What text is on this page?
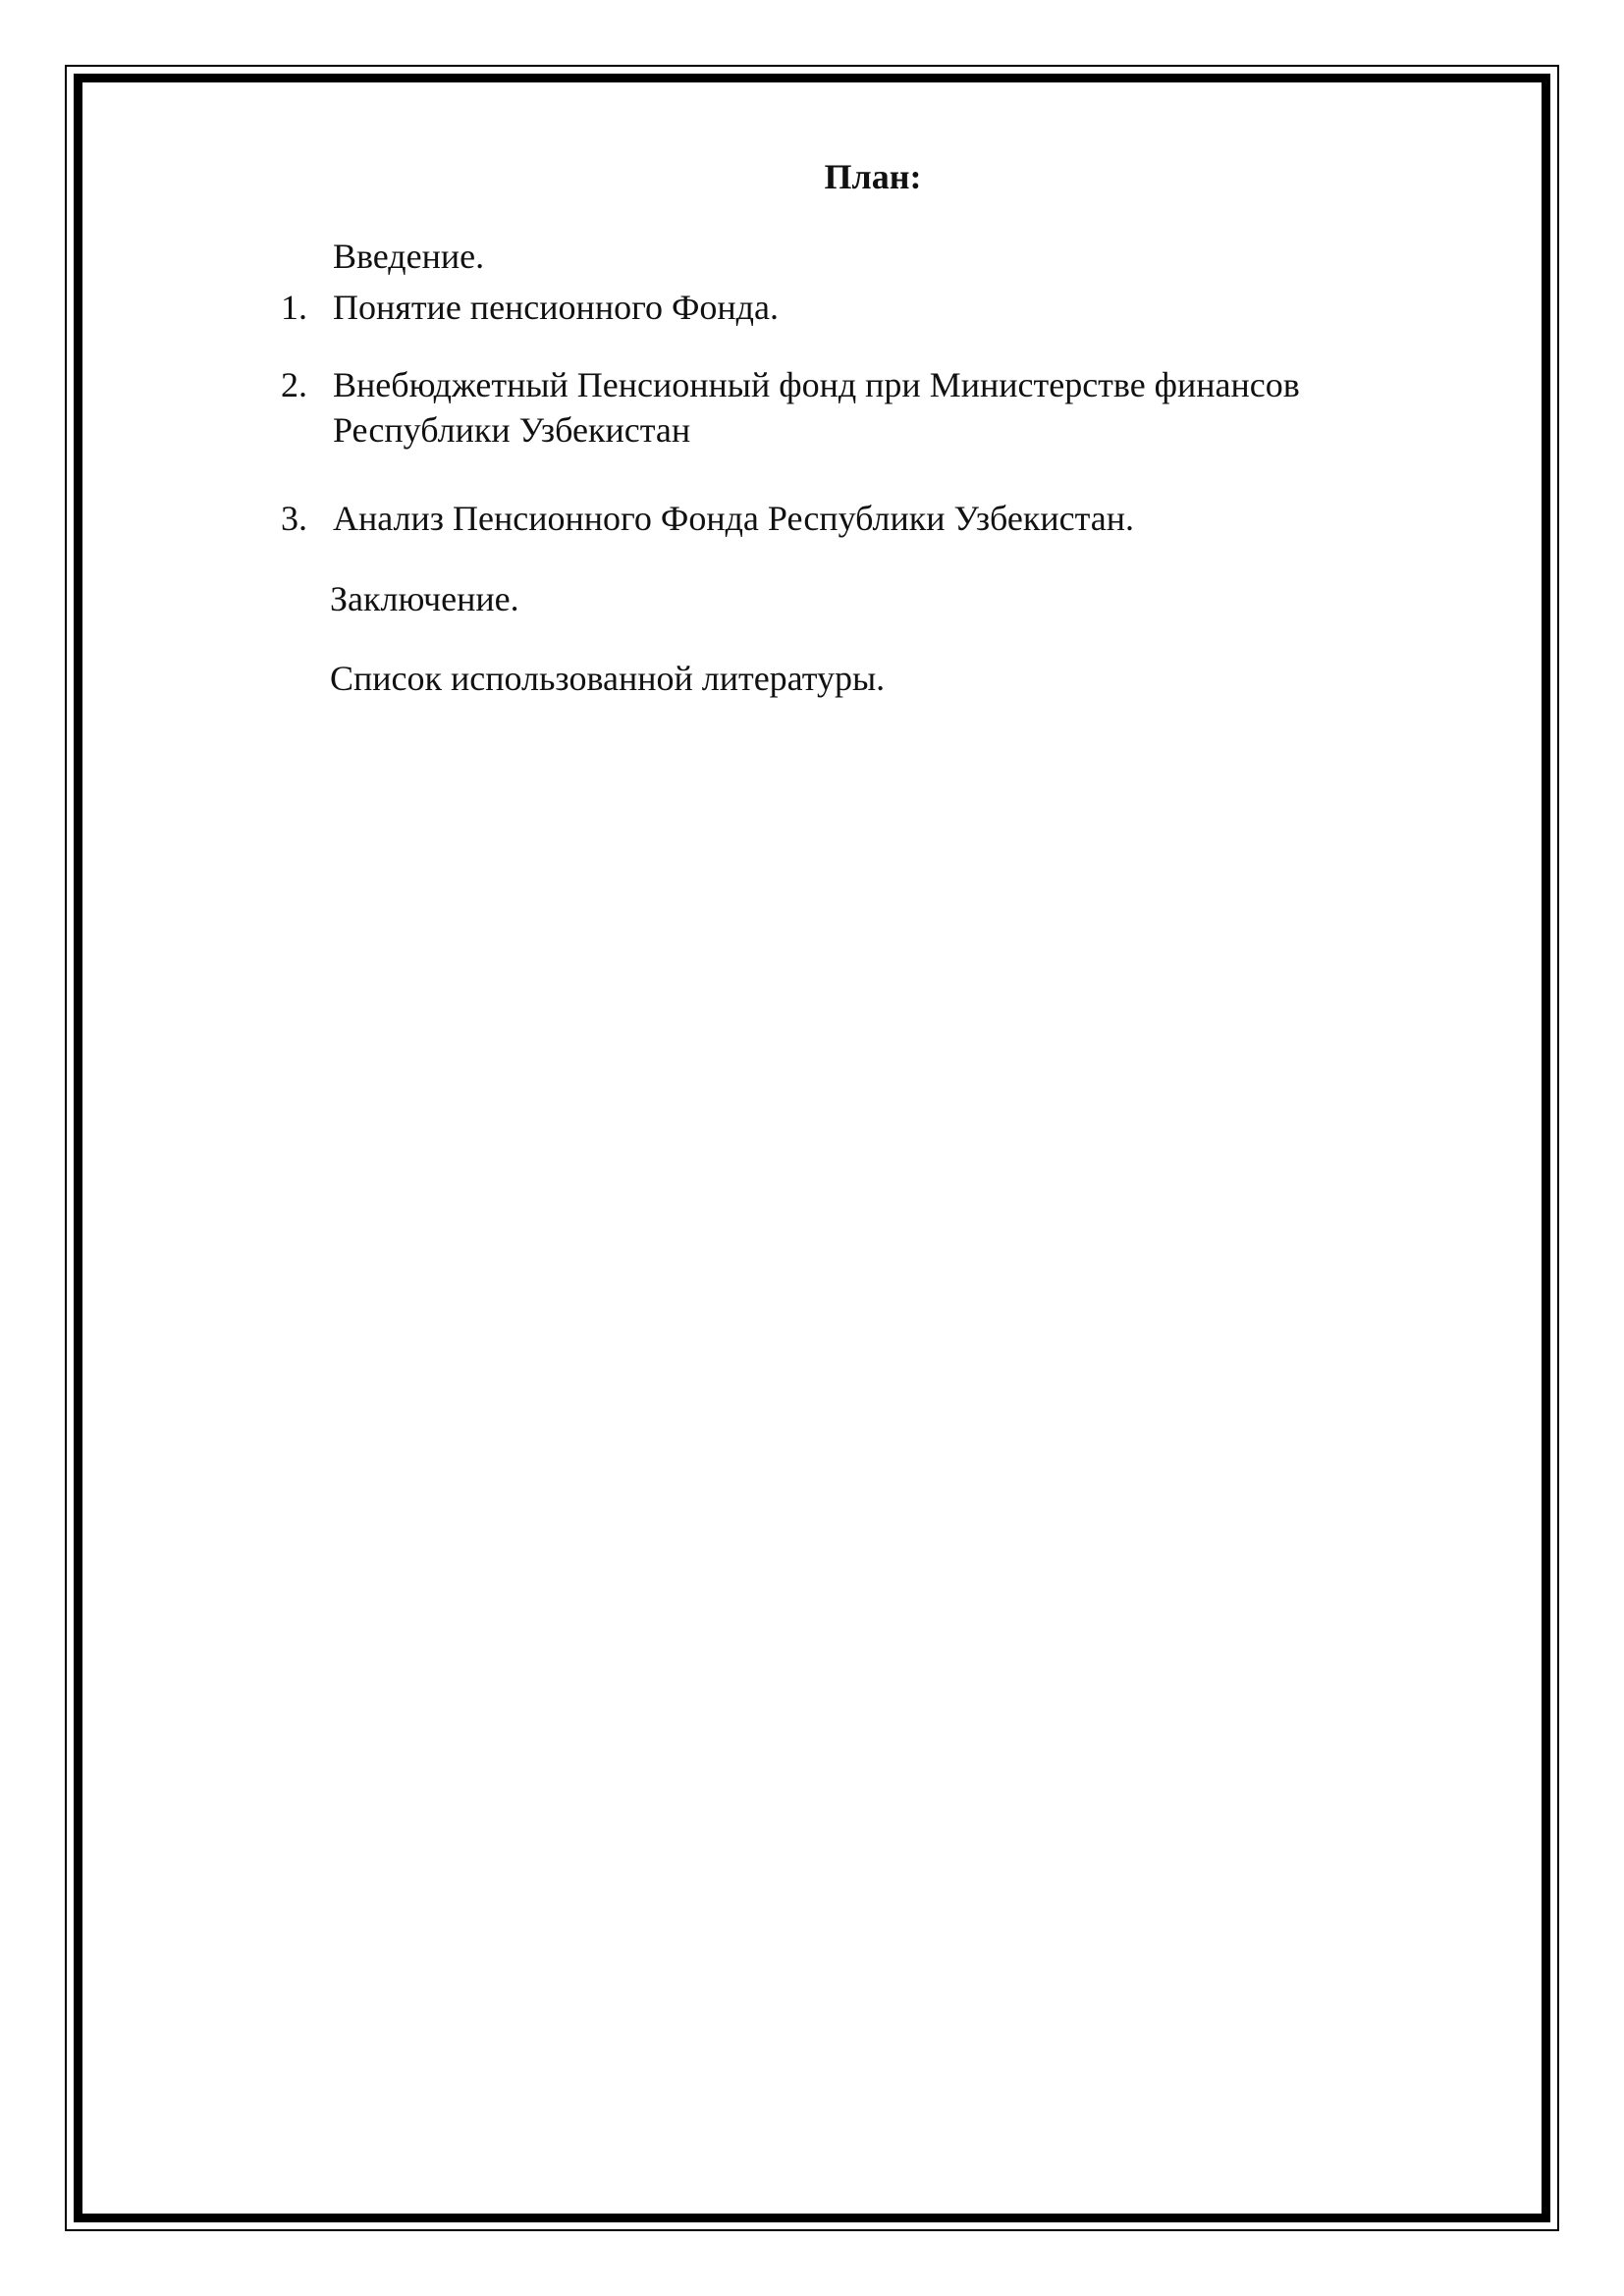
План:
Введение.
1. Понятие пенсионного Фонда.
2. Внебюджетный Пенсионный фонд при Министерстве финансов
Республики Узбекистан
3. Анализ Пенсионного Фонда Республики Узбекистан.
Заключение.
Список использованной литературы.
